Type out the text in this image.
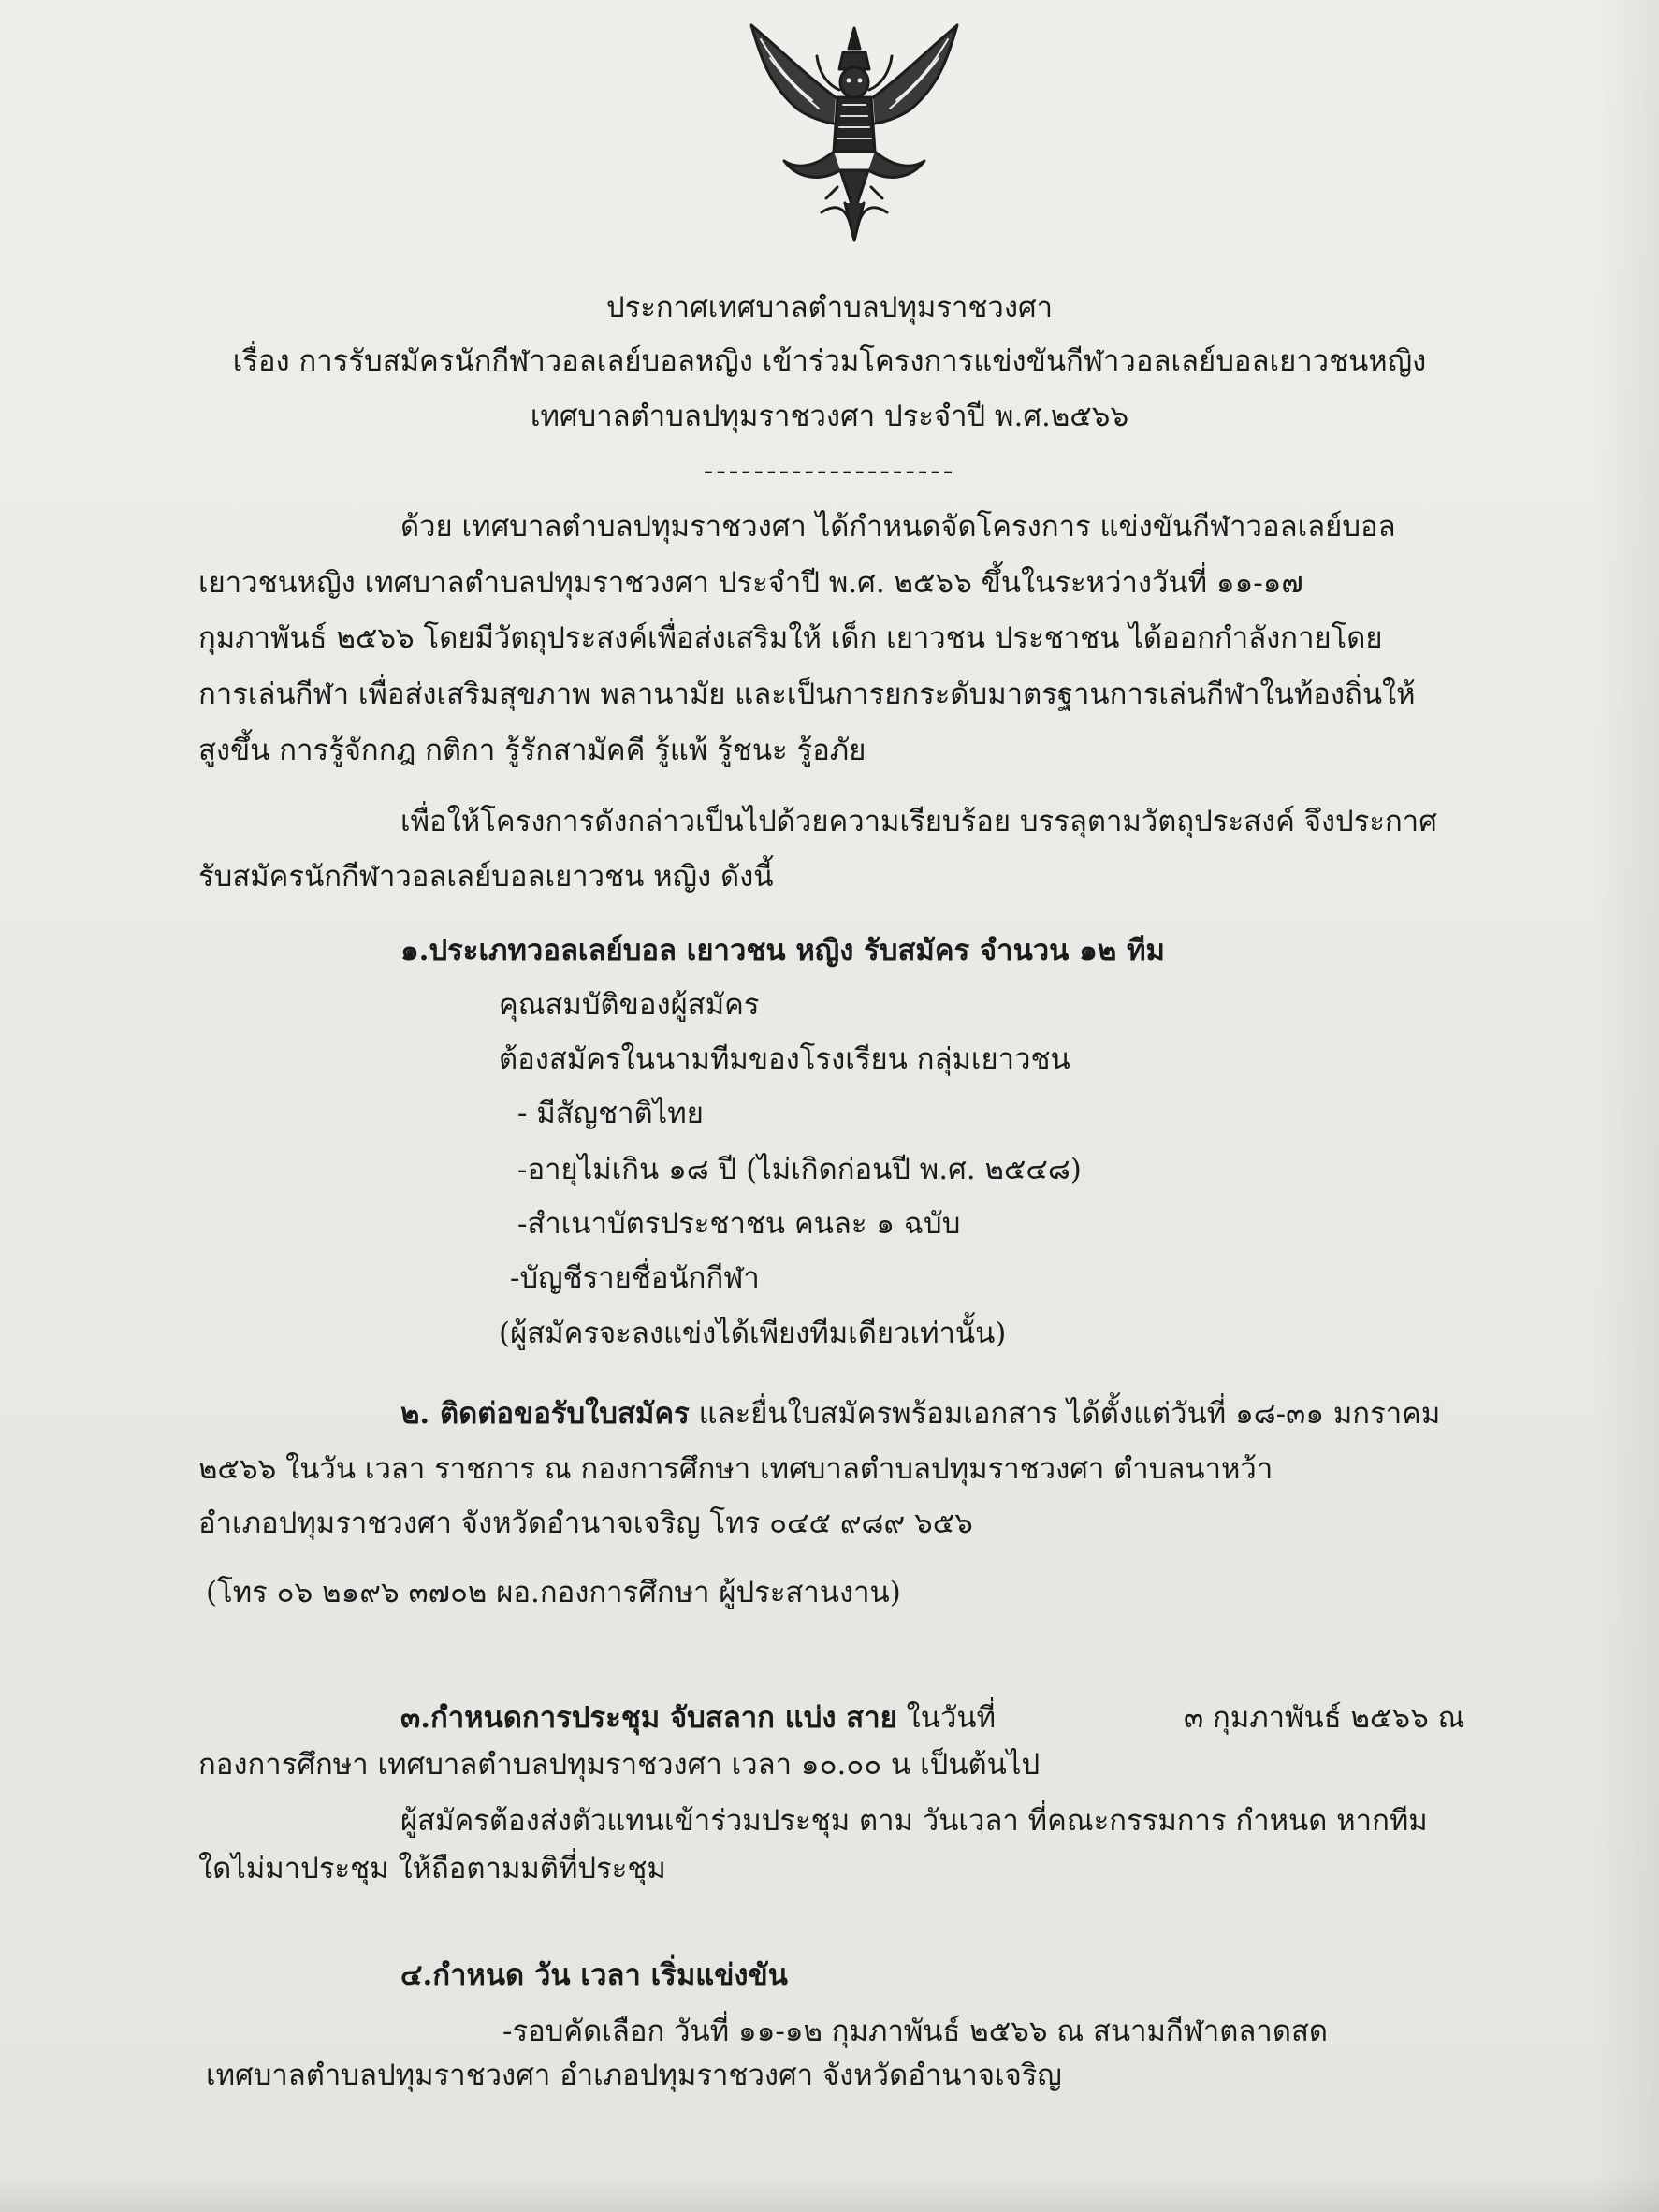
ประกาศเทศบาลตำบลปทุมราชวงศา
เรื่อง การรับสมัครนักกีฬาวอลเลย์บอลหญิง เข้าร่วมโครงการแข่งขันกีฬาวอลเลย์บอลเยาวชนหญิง
เทศบาลตำบลปทุมราชวงศา ประจำปี พ.ศ.๒๕๖๖
--------------------
ด้วย เทศบาลตำบลปทุมราชวงศา ได้กำหนดจัดโครงการ แข่งขันกีฬาวอลเลย์บอล
เยาวชนหญิง เทศบาลตำบลปทุมราชวงศา ประจำปี พ.ศ. ๒๕๖๖ ขึ้นในระหว่างวันที่ ๑๑-๑๗
กุมภาพันธ์ ๒๕๖๖ โดยมีวัตถุประสงค์เพื่อส่งเสริมให้ เด็ก เยาวชน ประชาชน ได้ออกกำลังกายโดย
การเล่นกีฬา เพื่อส่งเสริมสุขภาพ พลานามัย และเป็นการยกระดับมาตรฐานการเล่นกีฬาในท้องถิ่นให้
สูงขึ้น การรู้จักกฎ กติกา รู้รักสามัคคี รู้แพ้ รู้ชนะ รู้อภัย
เพื่อให้โครงการดังกล่าวเป็นไปด้วยความเรียบร้อย บรรลุตามวัตถุประสงค์ จึงประกาศ
รับสมัครนักกีฬาวอลเลย์บอลเยาวชน หญิง ดังนี้
๑.ประเภทวอลเลย์บอล เยาวชน หญิง รับสมัคร จำนวน ๑๒ ทีม
คุณสมบัติของผู้สมัคร
ต้องสมัครในนามทีมของโรงเรียน กลุ่มเยาวชน
- มีสัญชาติไทย
-อายุไม่เกิน ๑๘ ปี (ไม่เกิดก่อนปี พ.ศ. ๒๕๔๘)
-สำเนาบัตรประชาชน คนละ ๑ ฉบับ
-บัญชีรายชื่อนักกีฬา
(ผู้สมัครจะลงแข่งได้เพียงทีมเดียวเท่านั้น)
๒. ติดต่อขอรับใบสมัคร และยื่นใบสมัครพร้อมเอกสาร ได้ตั้งแต่วันที่ ๑๘-๓๑ มกราคม
๒๕๖๖ ในวัน เวลา ราชการ ณ กองการศึกษา เทศบาลตำบลปทุมราชวงศา ตำบลนาหว้า
อำเภอปทุมราชวงศา จังหวัดอำนาจเจริญ โทร ๐๔๕ ๙๘๙ ๖๕๖
(โทร ๐๖ ๒๑๙๖ ๓๗๐๒ ผอ.กองการศึกษา ผู้ประสานงาน)
๓.กำหนดการประชุม จับสลาก แบ่ง สาย ในวันที่	๓ กุมภาพันธ์ ๒๕๖๖ ณ
กองการศึกษา เทศบาลตำบลปทุมราชวงศา เวลา ๑๐.๐๐ น เป็นต้นไป
ผู้สมัครต้องส่งตัวแทนเข้าร่วมประชุม ตาม วันเวลา ที่คณะกรรมการ กำหนด หากทีม
ใดไม่มาประชุม ให้ถือตามมติที่ประชุม
๔.กำหนด วัน เวลา เริ่มแข่งขัน
-รอบคัดเลือก วันที่ ๑๑-๑๒ กุมภาพันธ์ ๒๕๖๖ ณ สนามกีฬาตลาดสด
เทศบาลตำบลปทุมราชวงศา อำเภอปทุมราชวงศา จังหวัดอำนาจเจริญ
